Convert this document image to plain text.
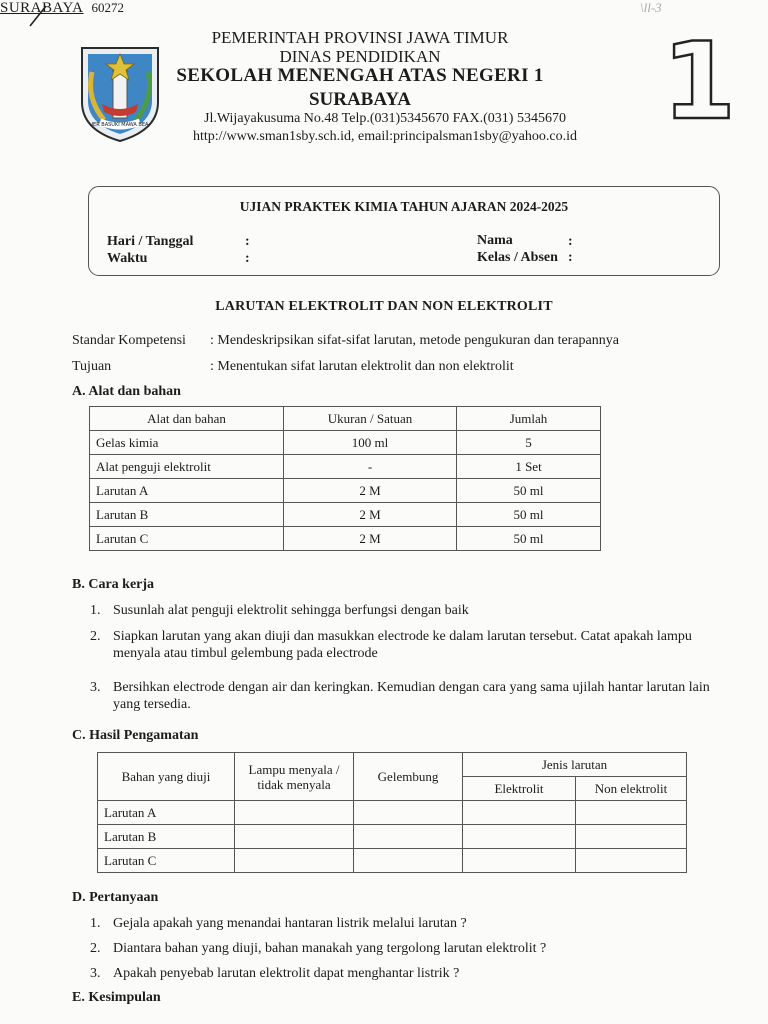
\ll-3
JER BASUKI MAWA BEA
PEMERINTAH PROVINSI JAWA TIMUR
DINAS PENDIDIKAN
SEKOLAH MENENGAH ATAS NEGERI 1
SURABAYA
Jl.Wijayakusuma No.48 Telp.(031)5345670 FAX.(031) 5345670
http://www.sman1sby.sch.id, email:principalsman1sby@yahoo.co.id
SURABAYA 60272
1
UJIAN PRAKTEK KIMIA TAHUN AJARAN 2024-2025
Hari / Tanggal	:
Waktu	:
Nama	:
Kelas / Absen :
LARUTAN ELEKTROLIT DAN NON ELEKTROLIT
Standar Kompetensi : Mendeskripsikan sifat-sifat larutan, metode pengukuran dan terapannya
Tujuan	: Menentukan sifat larutan elektrolit dan non elektrolit
A. Alat dan bahan
Alat dan bahan	Ukuran / Satuan	Jumlah
Gelas kimia	100 ml	5
Alat penguji elektrolit	-	1 Set
Larutan A	2 M	50 ml
Larutan B	2 M	50 ml
Larutan C	2 M	50 ml
B. Cara kerja
1. Susunlah alat penguji elektrolit sehingga berfungsi dengan baik
2. Siapkan larutan yang akan diuji dan masukkan electrode ke dalam larutan tersebut. Catat apakah lampu menyala atau timbul gelembung pada electrode
3. Bersihkan electrode dengan air dan keringkan. Kemudian dengan cara yang sama ujilah hantar larutan lain yang tersedia.
C. Hasil Pengamatan
Bahan yang diuji	Lampu menyala / tidak menyala	Gelembung	Jenis larutan	
			Elektrolit	Non elektrolit
Larutan A				
Larutan B				
Larutan C				
D. Pertanyaan
1. Gejala apakah yang menandai hantaran listrik melalui larutan ?
2. Diantara bahan yang diuji, bahan manakah yang tergolong larutan elektrolit ?
3. Apakah penyebab larutan elektrolit dapat menghantar listrik ?
E. Kesimpulan
